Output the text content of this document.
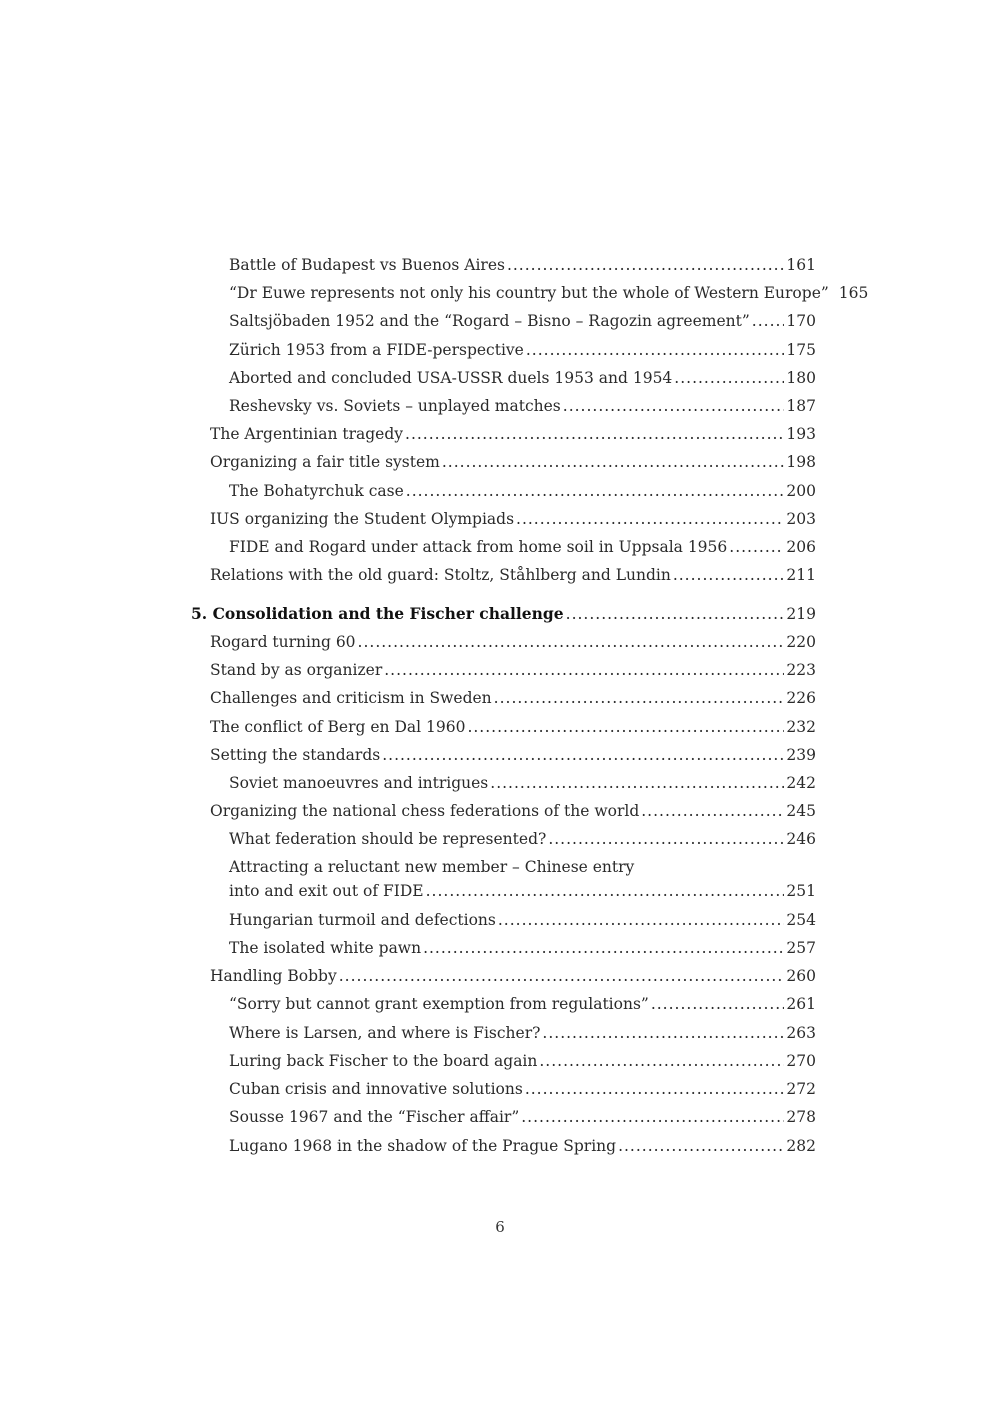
Battle of Budapest vs Buenos Aires .....	161
“Dr Euwe represents not only his country but the whole of Western Europe” 165
Saltsjöbaden 1952 and the “Rogard – Bisno – Ragozin agreement” ..... 170
Zürich 1953 from a FIDE-perspective .....	175
Aborted and concluded USA-USSR duels 1953 and 1954 .....	180
Reshevsky vs. Soviets – unplayed matches .....	187
The Argentinian tragedy .....	193
Organizing a fair title system .....	198
The Bohatyrchuk case .....	200
IUS organizing the Student Olympiads .....	203
FIDE and Rogard under attack from home soil in Uppsala 1956 .....	206
Relations with the old guard: Stoltz, Ståhlberg and Lundin .....	211
5. Consolidation and the Fischer challenge .....	219
Rogard turning 60 .....	220
Stand by as organizer .....	223
Challenges and criticism in Sweden .....	226
The conflict of Berg en Dal 1960 .....	232
Setting the standards .....	239
Soviet manoeuvres and intrigues .....	242
Organizing the national chess federations of the world .....	245
What federation should be represented? .....	246
Attracting a reluctant new member – Chinese entry
into and exit out of FIDE .....	251
Hungarian turmoil and defections .....	254
The isolated white pawn .....	257
Handling Bobby .....	260
“Sorry but cannot grant exemption from regulations” .....	261
Where is Larsen, and where is Fischer? .....	263
Luring back Fischer to the board again .....	270
Cuban crisis and innovative solutions .....	272
Sousse 1967 and the “Fischer affair” .....	278
Lugano 1968 in the shadow of the Prague Spring .....	282
6
